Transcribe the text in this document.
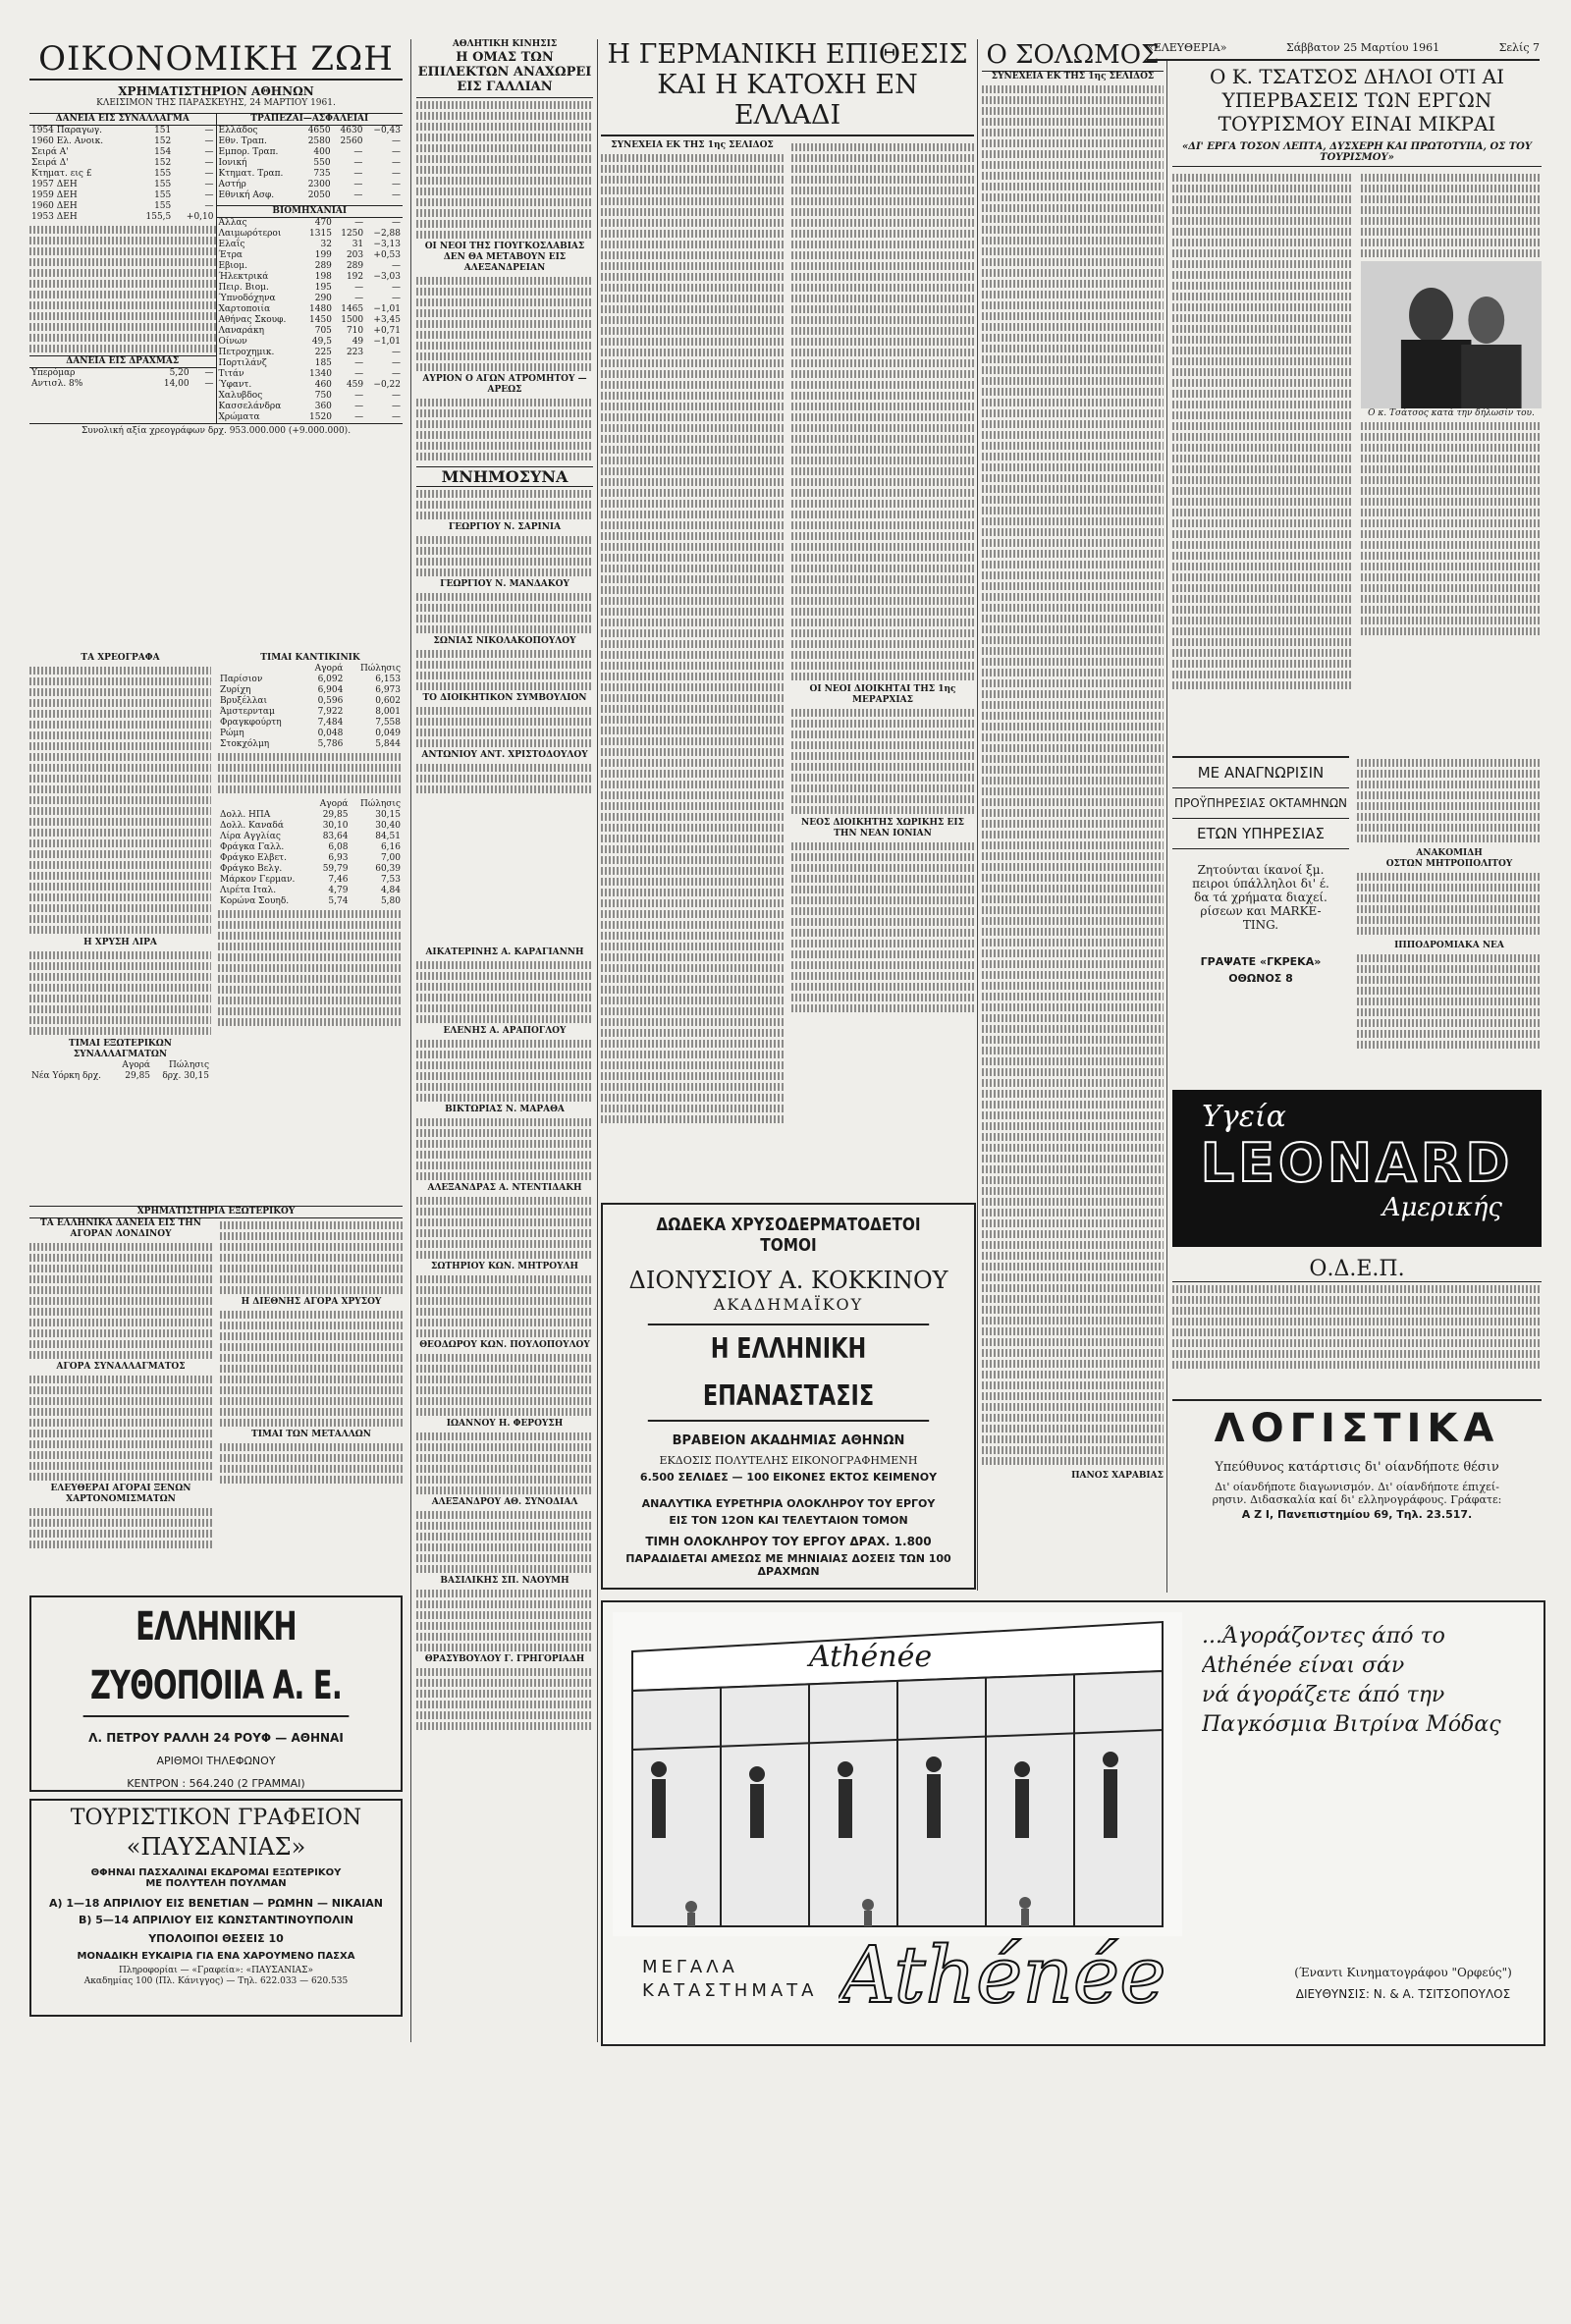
ΟΙΚΟΝΟΜΙΚΗ ΖΩΗ
ΧΡΗΜΑΤΙΣΤΗΡΙΟΝ ΑΘΗΝΩΝ
ΚΛΕΙΣΙΜΟΝ ΤΗΣ ΠΑΡΑΣΚΕΥΗΣ, 24 ΜΑΡΤΙΟΥ 1961.
ΔΑΝΕΙΑ ΕΙΣ ΣΥΝΑΛΛΑΓΜΑ
1954 Παραγωγ.	151	—
1960 Ελ. Ανοικ.	152	—
Σειρά Α'	154	—
Σειρά Δ'	152	—
Κτηματ. εις £	155	—
1957 ΔΕΗ	155	—
1959 ΔΕΗ	155	—
1960 ΔΕΗ	155	—
1953 ΔΕΗ	155,5	+0,10
ΔΑΝΕΙΑ ΕΙΣ ΔΡΑΧΜΑΣ
Υπερόμαρ	5,20	—
Αντισλ. 8%	14,00	—
ΤΡΑΠΕΖΑΙ—ΑΣΦΑΛΕΙΑΙ
Ελλάδος	4650	4630	−0,43
Εθν. Τραπ.	2580	2560	—
Εμπορ. Τραπ.	400	—	—
Ιονική	550	—	—
Κτηματ. Τραπ.	735	—	—
Αστήρ	2300	—	—
Εθνική Ασφ.	2050	—	—
ΒΙΟΜΗΧΑΝΙΑΙ
Άλλας	470	—	—
Λαιμωρότεροι	1315	1250	−2,88
Ελαΐς	32	31	−3,13
Έτρα	199	203	+0,53
Εβιομ.	289	289	—
Ήλεκτρικά	198	192	−3,03
Πειρ. Βιομ.	195	—	—
Ύπνοδόχηνα	290	—	—
Χαρτοποιία	1480	1465	−1,01
Αθήνας Σκουφ.	1450	1500	+3,45
Λαναράκη	705	710	+0,71
Οίνων	49,5	49	−1,01
Πετροχημικ.	225	223	—
Πορτιλάνζ	185	—	—
Τιτάν	1340	—	—
Ύφαντ.	460	459	−0,22
Χαλυβδος	750	—	—
Κασσελάνδρα	360	—	—
Χρώματα	1520	—	—
Συνολική αξία χρεογράφων δρχ. 953.000.000 (+9.000.000).
ΤΑ ΧΡΕΟΓΡΑΦΑ
Η ΧΡΥΣΗ ΛΙΡΑ
ΤΙΜΑΙ ΕΞΩΤΕΡΙΚΩΝ ΣΥΝΑΛΛΑΓΜΑΤΩΝ
	Αγορά	Πώλησις
Νέα Υόρκη δρχ.	29,85	δρχ. 30,15
ΤΙΜΑΙ ΚΑΝΤΙΚΙΝΙΚ
	Αγορά	Πώλησις
Παρίσιον	6,092	6,153
Ζυρίχη	6,904	6,973
Βρυξέλλαι	0,596	0,602
Άμστερνταμ	7,922	8,001
Φραγκφούρτη	7,484	7,558
Ρώμη	0,048	0,049
Στοκχόλμη	5,786	5,844
	Αγορά	Πώλησις
Δολλ. ΗΠΑ	29,85	30,15
Δολλ. Καναδά	30,10	30,40
Λίρα Αγγλίας	83,64	84,51
Φράγκα Γαλλ.	6,08	6,16
Φράγκο Ελβετ.	6,93	7,00
Φράγκο Βελγ.	59,79	60,39
Μάρκον Γερμαν.	7,46	7,53
Λιρέτα Ιταλ.	4,79	4,84
Κορώνα Σουηδ.	5,74	5,80
ΧΡΗΜΑΤΙΣΤΗΡΙΑ ΕΞΩΤΕΡΙΚΟΥ
ΤΑ ΕΛΛΗΝΙΚΑ ΔΑΝΕΙΑ ΕΙΣ ΤΗΝ ΑΓΟΡΑΝ ΛΟΝΔΙΝΟΥ
ΑΓΟΡΑ ΣΥΝΑΛΛΑΓΜΑΤΟΣ
ΕΛΕΥΘΕΡΑΙ ΑΓΟΡΑΙ ΞΕΝΩΝ ΧΑΡΤΟΝΟΜΙΣΜΑΤΩΝ
Η ΔΙΕΘΝΗΣ ΑΓΟΡΑ ΧΡΥΣΟΥ
ΤΙΜΑΙ ΤΩΝ ΜΕΤΑΛΛΩΝ
ΕΛΛΗΝΙΚΗ ΖΥΘΟΠΟΙΙΑ Α. Ε.
Λ. ΠΕΤΡΟΥ ΡΑΛΛΗ 24 ΡΟΥΦ — ΑΘΗΝΑΙ
ΑΡΙΘΜΟΙ ΤΗΛΕΦΩΝΟΥ
ΚΕΝΤΡΟΝ : 564.240 (2 ΓΡΑΜΜΑΙ)
ΤΟΥΡΙΣΤΙΚΟΝ ΓΡΑΦΕΙΟΝ
«ΠΑΥΣΑΝΙΑΣ»
ΘΦΗΝΑΙ ΠΑΣΧΑΛΙΝΑΙ ΕΚΔΡΟΜΑΙ ΕΞΩΤΕΡΙΚΟΥ
ΜΕ ΠΟΛΥΤΕΛΗ ΠΟΥΛΜΑΝ
Α) 1—18 ΑΠΡΙΛΙΟΥ ΕΙΣ ΒΕΝΕΤΙΑΝ — ΡΩΜΗΝ — ΝΙΚΑΙΑΝ
Β) 5—14 ΑΠΡΙΛΙΟΥ ΕΙΣ ΚΩΝΣΤΑΝΤΙΝΟΥΠΟΛΙΝ
ΥΠΟΛΟΙΠΟΙ ΘΕΣΕΙΣ 10
ΜΟΝΑΔΙΚΗ ΕΥΚΑΙΡΙΑ ΓΙΑ ΕΝΑ ΧΑΡΟΥΜΕΝΟ ΠΑΣΧΑ
Πληροφορίαι — «Γραφεία»: «ΠΑΥΣΑΝΙΑΣ»
Ακαδημίας 100 (Πλ. Κάνιγγος) — Τηλ. 622.033 — 620.535
ΑΘΛΗΤΙΚΗ ΚΙΝΗΣΙΣ
Η ΟΜΑΣ ΤΩΝ ΕΠΙΛΕΚΤΩΝ ΑΝΑΧΩΡΕΙ ΕΙΣ ΓΑΛΛΙΑΝ
ΟΙ ΝΕΟΙ ΤΗΣ ΓΙΟΥΓΚΟΣΛΑΒΙΑΣ ΔΕΝ ΘΑ ΜΕΤΑΒΟΥΝ ΕΙΣ ΑΛΕΞΑΝΔΡΕΙΑΝ
ΑΥΡΙΟΝ Ο ΑΓΩΝ ΑΤΡΟΜΗΤΟΥ — ΑΡΕΩΣ
ΜΝΗΜΟΣΥΝΑ
ΓΕΩΡΓΙΟΥ Ν. ΣΑΡΙΝΙΑ
ΓΕΩΡΓΙΟΥ Ν. ΜΑΝΔΑΚΟΥ
ΣΩΝΙΑΣ ΝΙΚΟΛΑΚΟΠΟΥΛΟΥ
ΤΟ ΔΙΟΙΚΗΤΙΚΟΝ ΣΥΜΒΟΥΛΙΟΝ
ΑΝΤΩΝΙΟΥ ΑΝΤ. ΧΡΙΣΤΟΔΟΥΛΟΥ
ΑΙΚΑΤΕΡΙΝΗΣ Α. ΚΑΡΑΓΙΑΝΝΗ
ΕΛΕΝΗΣ Α. ΑΡΑΠΟΓΛΟΥ
ΒΙΚΤΩΡΙΑΣ Ν. ΜΑΡΑΘΑ
ΑΛΕΞΑΝΔΡΑΣ Α. ΝΤΕΝΤΙΔΑΚΗ
ΣΩΤΗΡΙΟΥ ΚΩΝ. ΜΗΤΡΟΥΛΗ
ΘΕΟΔΩΡΟΥ ΚΩΝ. ΠΟΥΛΟΠΟΥΛΟΥ
ΙΩΑΝΝΟΥ Η. ΦΕΡΟΥΣΗ
ΑΛΕΞΑΝΔΡΟΥ ΑΘ. ΣΥΝΟΔΙΑΛ
ΒΑΣΙΛΙΚΗΣ ΣΠ. ΝΑΟΥΜΗ
ΘΡΑΣΥΒΟΥΛΟΥ Γ. ΓΡΗΓΟΡΙΑΔΗ
Η ΓΕΡΜΑΝΙΚΗ ΕΠΙΘΕΣΙΣ ΚΑΙ Η ΚΑΤΟΧΗ ΕΝ ΕΛΛΑΔΙ
ΣΥΝΕΧΕΙΑ ΕΚ ΤΗΣ 1ης ΣΕΛΙΔΟΣ
ΟΙ ΝΕΟΙ ΔΙΟΙΚΗΤΑΙ ΤΗΣ 1ης ΜΕΡΑΡΧΙΑΣ
ΝΕΟΣ ΔΙΟΙΚΗΤΗΣ ΧΩΡΙΚΗΣ ΕΙΣ ΤΗΝ ΝΕΑΝ ΙΟΝΙΑΝ
ΔΩΔΕΚΑ ΧΡΥΣΟΔΕΡΜΑΤΟΔΕΤΟΙ ΤΟΜΟΙ
ΔΙΟΝΥΣΙΟΥ Α. ΚΟΚΚΙΝΟΥ
ΑΚΑΔΗΜΑΪΚΟΥ
Η ΕΛΛΗΝΙΚΗ ΕΠΑΝΑΣΤΑΣΙΣ
ΒΡΑΒΕΙΟΝ ΑΚΑΔΗΜΙΑΣ ΑΘΗΝΩΝ
ΕΚΔΟΣΙΣ ΠΟΛΥΤΕΛΗΣ ΕΙΚΟΝΟΓΡΑΦΗΜΕΝΗ
6.500 ΣΕΛΙΔΕΣ — 100 ΕΙΚΟΝΕΣ ΕΚΤΟΣ ΚΕΙΜΕΝΟΥ
ΑΝΑΛΥΤΙΚΑ ΕΥΡΕΤΗΡΙΑ ΟΛΟΚΛΗΡΟΥ ΤΟΥ ΕΡΓΟΥ
ΕΙΣ ΤΟΝ 12ΟΝ ΚΑΙ ΤΕΛΕΥΤΑΙΟΝ ΤΟΜΟΝ
ΤΙΜΗ ΟΛΟΚΛΗΡΟΥ ΤΟΥ ΕΡΓΟΥ ΔΡΑΧ. 1.800
ΠΑΡΑΔΙΔΕΤΑΙ ΑΜΕΣΩΣ ΜΕ ΜΗΝΙΑΙΑΣ ΔΟΣΕΙΣ ΤΩΝ 100 ΔΡΑΧΜΩΝ
Ο ΣΟΛΩΜΟΣ
ΣΥΝΕΧΕΙΑ ΕΚ ΤΗΣ 1ης ΣΕΛΙΔΟΣ
ΠΑΝΟΣ ΧΑΡΑΒΙΑΣ
«ΕΛΕΥΘΕΡΙΑ»	Σάββατον 25 Μαρτίου 1961	Σελίς 7
Ο Κ. ΤΣΑΤΣΟΣ ΔΗΛΟΙ ΟΤΙ ΑΙ ΥΠΕΡΒΑΣΕΙΣ ΤΩΝ ΕΡΓΩΝ ΤΟΥΡΙΣΜΟΥ ΕΙΝΑΙ ΜΙΚΡΑΙ
«ΔΙ' ΕΡΓΑ ΤΟΣΟΝ ΛΕΠΤΑ, ΔΥΣΧΕΡΗ ΚΑΙ ΠΡΩΤΟΤΥΠΑ, ΟΣ ΤΟΥ ΤΟΥΡΙΣΜΟΥ»
Ο κ. Τσάτσος κατά την δήλωσίν του.
ΜΕ ΑΝΑΓΝΩΡΙΣΙΝ
ΠΡΟΫΠΗΡΕΣΙΑΣ ΟΚΤΑΜΗΝΩΝ
ΕΤΩΝ ΥΠΗΡΕΣΙΑΣ
Ζητούνται ίκανοί ξμ.
πειροι ύπάλληλοι δι' έ.
δα τά χρήματα διαχεί.
ρίσεων και MARKE-
TING.
ΓΡΑΨΑΤΕ «ΓΚΡΕΚΑ»
ΟΘΩΝΟΣ 8
ΑΝΑΚΟΜΙΔΗ
ΟΣΤΩΝ ΜΗΤΡΟΠΟΛΙΤΟΥ
ΙΠΠΟΔΡΟΜΙΑΚΑ ΝΕΑ
Υγεία
LEONARD
Αμερικής
Ο.Δ.Ε.Π.
ΛΟΓΙΣΤΙΚΑ
Υπεύθυνος κατάρτισις δι' οίανδήποτε θέσιν
Δι' οίανδήποτε διαγωνισμόν. Δι' οίανδήποτε έπιχεί-
ρησιν. Διδασκαλία καί δι' ελληνογράφους. Γράφατε:
Α Ζ Ι, Πανεπιστημίου 69, Τηλ. 23.517.
Athénée
...Άγοράζοντες άπό το
Athénée είναι σάν
νά άγοράζετε άπό την
Παγκόσμια Βιτρίνα Μόδας
ΜΕΓΑΛΑ
ΚΑΤΑΣΤΗΜΑΤΑ Athénée	(Έναντι Κινηματογράφου "Ορφεύς")
ΔΙΕΥΘΥΝΣΙΣ: Ν. & Α. ΤΣΙΤΣΟΠΟΥΛΟΣ
